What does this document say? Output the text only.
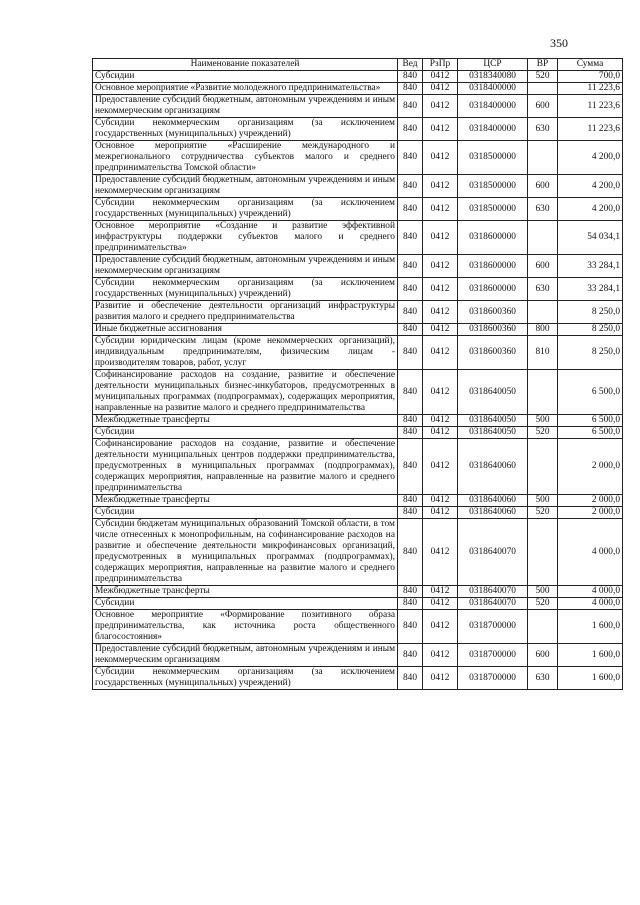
350
Наименование показателей	Вед	РзПр	ЦСР	ВР	Сумма
Субсидии	840	0412	0318340080	520	700,0
Основное мероприятие «Развитие молодежного предпринимательства»	840	0412	0318400000		11 223,6
Предоставление субсидий бюджетным, автономным учреждениям и иным некоммерческим организациям	840	0412	0318400000	600	11 223,6
Субсидии некоммерческим организациям (за исключением государственных (муниципальных) учреждений)	840	0412	0318400000	630	11 223,6
Основное мероприятие «Расширение международного и межрегионального сотрудничества субъектов малого и среднего предпринимательства Томской области»	840	0412	0318500000		4 200,0
Предоставление субсидий бюджетным, автономным учреждениям и иным некоммерческим организациям	840	0412	0318500000	600	4 200,0
Субсидии некоммерческим организациям (за исключением государственных (муниципальных) учреждений)	840	0412	0318500000	630	4 200,0
Основное мероприятие «Создание и развитие эффективной инфраструктуры поддержки субъектов малого и среднего предпринимательства»	840	0412	0318600000		54 034,1
Предоставление субсидий бюджетным, автономным учреждениям и иным некоммерческим организациям	840	0412	0318600000	600	33 284,1
Субсидии некоммерческим организациям (за исключением государственных (муниципальных) учреждений)	840	0412	0318600000	630	33 284,1
Развитие и обеспечение деятельности организаций инфраструктуры развития малого и среднего предпринимательства	840	0412	0318600360		8 250,0
Иные бюджетные ассигнования	840	0412	0318600360	800	8 250,0
Субсидии юридическим лицам (кроме некоммерческих организаций), индивидуальным предпринимателям, физическим лицам - производителям товаров, работ, услуг	840	0412	0318600360	810	8 250,0
Софинансирование расходов на создание, развитие и обеспечение деятельности муниципальных бизнес-инкубаторов, предусмотренных в муниципальных программах (подпрограммах), содержащих мероприятия, направленные на развитие малого и среднего предпринимательства	840	0412	0318640050		6 500,0
Межбюджетные трансферты	840	0412	0318640050	500	6 500,0
Субсидии	840	0412	0318640050	520	6 500,0
Софинансирование расходов на создание, развитие и обеспечение деятельности муниципальных центров поддержки предпринимательства, предусмотренных в муниципальных программах (подпрограммах), содержащих мероприятия, направленные на развитие малого и среднего предпринимательства	840	0412	0318640060		2 000,0
Межбюджетные трансферты	840	0412	0318640060	500	2 000,0
Субсидии	840	0412	0318640060	520	2 000,0
Субсидии бюджетам муниципальных образований Томской области, в том числе отнесенных к монопрофильным, на софинансирование расходов на развитие и обеспечение деятельности микрофинансовых организаций, предусмотренных в муниципальных программах (подпрограммах), содержащих мероприятия, направленные на развитие малого и среднего предпринимательства	840	0412	0318640070		4 000,0
Межбюджетные трансферты	840	0412	0318640070	500	4 000,0
Субсидии	840	0412	0318640070	520	4 000,0
Основное мероприятие «Формирование позитивного образа предпринимательства, как источника роста общественного благосостояния»	840	0412	0318700000		1 600,0
Предоставление субсидий бюджетным, автономным учреждениям и иным некоммерческим организациям	840	0412	0318700000	600	1 600,0
Субсидии некоммерческим организациям (за исключением государственных (муниципальных) учреждений)	840	0412	0318700000	630	1 600,0
